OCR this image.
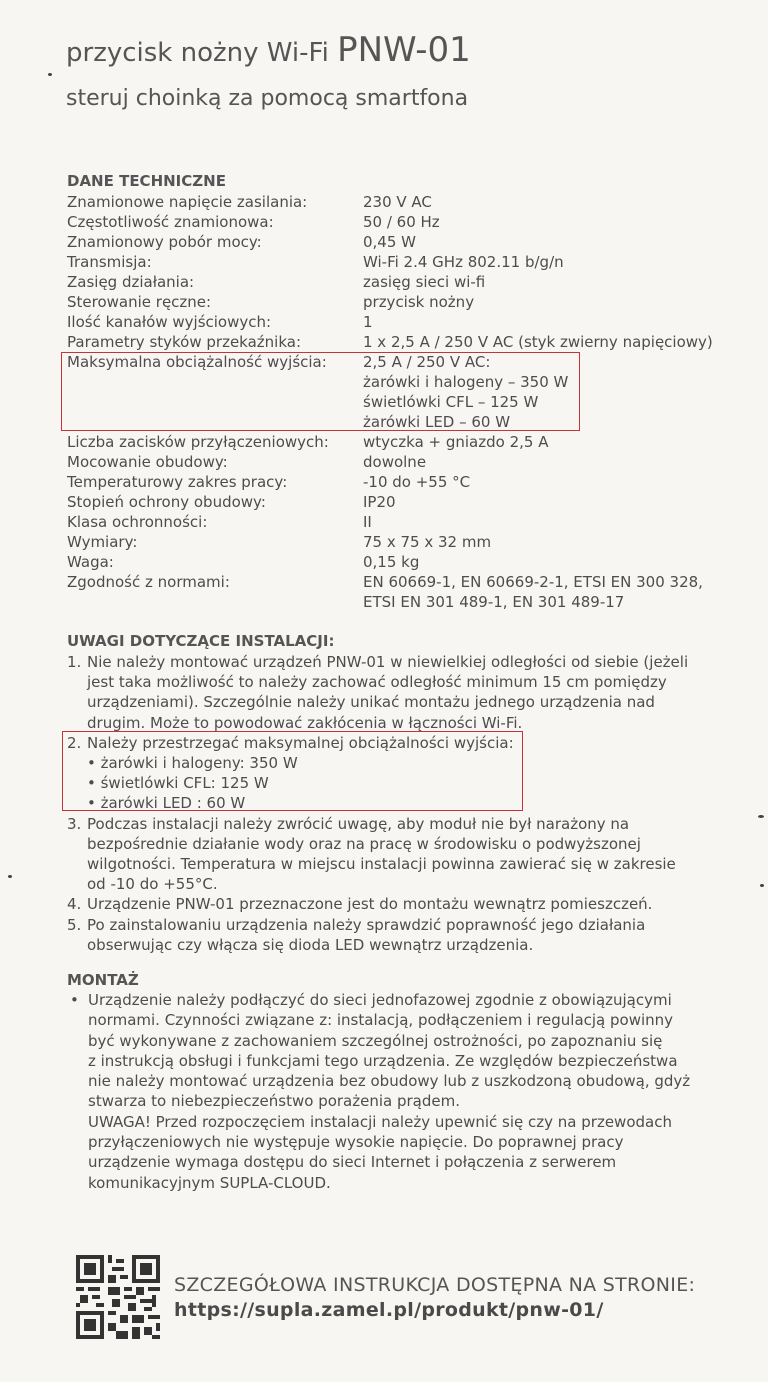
przycisk nożny Wi-Fi PNW-01
steruj choinką za pomocą smartfona
DANE TECHNICZNE
Znamionowe napięcie zasilania:	230 V AC
Częstotliwość znamionowa:	50 / 60 Hz
Znamionowy pobór mocy:	0,45 W
Transmisja:	Wi-Fi 2.4 GHz 802.11 b/g/n
Zasięg działania:	zasięg sieci wi-fi
Sterowanie ręczne:	przycisk nożny
Ilość kanałów wyjściowych:	1
Parametry styków przekaźnika:	1 x 2,5 A / 250 V AC (styk zwierny napięciowy)
Maksymalna obciążalność wyjścia:	2,5 A / 250 V AC:
żarówki i halogeny – 350 W
świetlówki CFL – 125 W
żarówki LED – 60 W
Liczba zacisków przyłączeniowych:	wtyczka + gniazdo 2,5 A
Mocowanie obudowy:	dowolne
Temperaturowy zakres pracy:	-10 do +55 °C
Stopień ochrony obudowy:	IP20
Klasa ochronności:	II
Wymiary:	75 x 75 x 32 mm
Waga:	0,15 kg
Zgodność z normami:	EN 60669-1, EN 60669-2-1, ETSI EN 300 328,
ETSI EN 301 489-1, EN 301 489-17
UWAGI DOTYCZĄCE INSTALACJI:
1. Nie należy montować urządzeń PNW-01 w niewielkiej odległości od siebie (jeżeli
jest taka możliwość to należy zachować odległość minimum 15 cm pomiędzy
urządzeniami). Szczególnie należy unikać montażu jednego urządzenia nad
drugim. Może to powodować zakłócenia w łączności Wi-Fi.
2. Należy przestrzegać maksymalnej obciążalności wyjścia:
• żarówki i halogeny: 350 W
• świetlówki CFL: 125 W
• żarówki LED : 60 W
3. Podczas instalacji należy zwrócić uwagę, aby moduł nie był narażony na
bezpośrednie działanie wody oraz na pracę w środowisku o podwyższonej
wilgotności. Temperatura w miejscu instalacji powinna zawierać się w zakresie
od -10 do +55°C.
4. Urządzenie PNW-01 przeznaczone jest do montażu wewnątrz pomieszczeń.
5. Po zainstalowaniu urządzenia należy sprawdzić poprawność jego działania
obserwując czy włącza się dioda LED wewnątrz urządzenia.
MONTAŻ
• Urządzenie należy podłączyć do sieci jednofazowej zgodnie z obowiązującymi
normami. Czynności związane z: instalacją, podłączeniem i regulacją powinny
być wykonywane z zachowaniem szczególnej ostrożności, po zapoznaniu się
z instrukcją obsługi i funkcjami tego urządzenia. Ze względów bezpieczeństwa
nie należy montować urządzenia bez obudowy lub z uszkodzoną obudową, gdyż
stwarza to niebezpieczeństwo porażenia prądem.
UWAGA! Przed rozpoczęciem instalacji należy upewnić się czy na przewodach
przyłączeniowych nie występuje wysokie napięcie. Do poprawnej pracy
urządzenie wymaga dostępu do sieci Internet i połączenia z serwerem
komunikacyjnym SUPLA-CLOUD.
SZCZEGÓŁOWA INSTRUKCJA DOSTĘPNA NA STRONIE:
https://supla.zamel.pl/produkt/pnw-01/
